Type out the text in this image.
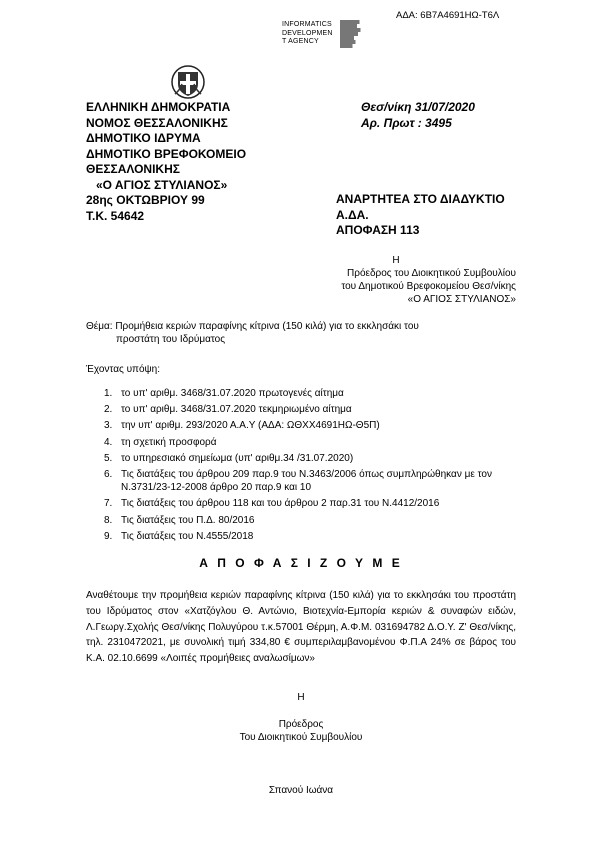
ΑΔΑ: 6Β7Α4691ΗΩ-Τ6Λ
INFORMATICS
DEVELOPMEN
T AGENCY
ΕΛΛΗΝΙΚΗ ΔΗΜΟΚΡΑΤΙΑ
ΝΟΜΟΣ ΘΕΣΣΑΛΟΝΙΚΗΣ
ΔΗΜΟΤΙΚΟ ΙΔΡΥΜΑ
ΔΗΜΟΤΙΚΟ ΒΡΕΦΟΚΟΜΕΙΟ
ΘΕΣΣΑΛΟΝΙΚΗΣ
«Ο ΑΓΙΟΣ ΣΤΥΛΙΑΝΟΣ»
28ης ΟΚΤΩΒΡΙΟΥ 99
Τ.Κ. 54642
Θεσ/νίκη 31/07/2020
Αρ. Πρωτ : 3495
ΑΝΑΡΤΗΤΕΑ ΣΤΟ ΔΙΑΔΥΚΤΙΟ
Α.ΔΑ.
ΑΠΟΦΑΣΗ 113
Η
Πρόεδρος του Διοικητικού Συμβουλίου
του Δημοτικού Βρεφοκομείου Θεσ/νίκης
«Ο ΑΓΙΟΣ ΣΤΥΛΙΑΝΟΣ»
Θέμα: Προμήθεια κεριών παραφίνης κίτρινα (150 κιλά) για το εκκλησάκι του
προστάτη του Ιδρύματος
Έχοντας υπόψη:
1. το υπ' αριθμ. 3468/31.07.2020 πρωτογενές αίτημα
2. το υπ' αριθμ. 3468/31.07.2020 τεκμηριωμένο αίτημα
3. την υπ' αριθμ. 293/2020 Α.Α.Υ (ΑΔΑ: ΩΘΧΧ4691ΗΩ-Θ5Π)
4. τη σχετική προσφορά
5. το υπηρεσιακό σημείωμα (υπ' αριθμ.34 /31.07.2020)
6. Τις διατάξεις του άρθρου 209 παρ.9 του Ν.3463/2006 όπως συμπληρώθηκαν με τον Ν.3731/23-12-2008 άρθρο 20 παρ.9 και 10
7. Τις διατάξεις του άρθρου 118 και του άρθρου 2 παρ.31 του Ν.4412/2016
8. Τις διατάξεις του Π.Δ. 80/2016
9. Τις διατάξεις του Ν.4555/2018
Α Π Ο Φ Α Σ Ι Ζ Ο Υ Μ Ε
Αναθέτουμε την προμήθεια κεριών παραφίνης κίτρινα (150 κιλά) για το εκκλησάκι του προστάτη του Ιδρύματος στον «Χατζόγλου Θ. Αντώνιο, Βιοτεχνία-Εμπορία κεριών & συναφών ειδών, Λ.Γεωργ.Σχολής Θεσ/νίκης Πολυγύρου τ.κ.57001 Θέρμη, Α.Φ.Μ. 031694782 Δ.Ο.Υ. Ζ' Θεσ/νίκης, τηλ. 2310472021, με συνολική τιμή 334,80 € συμπεριλαμβανομένου Φ.Π.Α 24% σε βάρος του Κ.Α. 02.10.6699 «Λοιπές προμήθειες αναλωσίμων»
Η
Πρόεδρος
Του Διοικητικού Συμβουλίου
Σπανού Ιωάνα
